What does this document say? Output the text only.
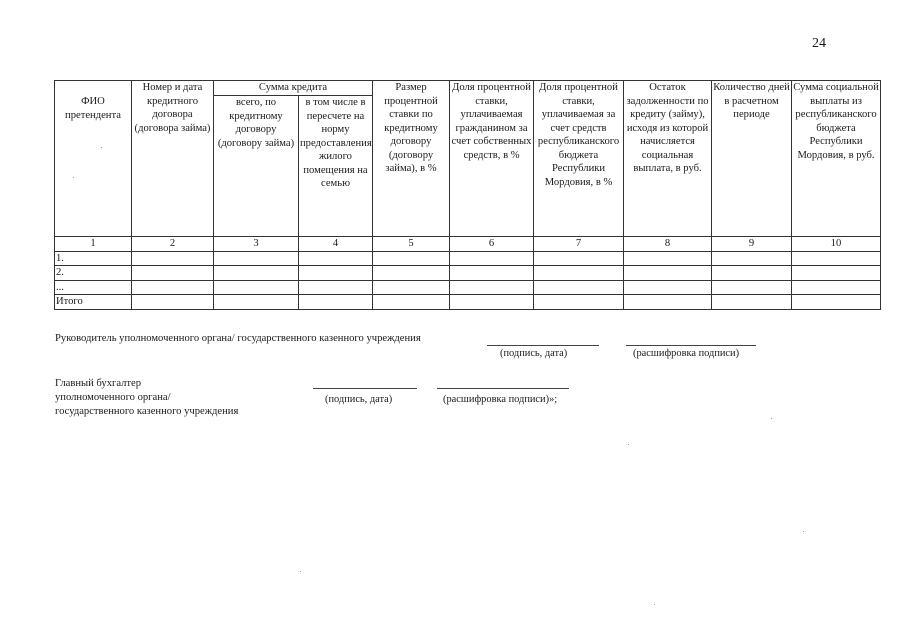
24
ФИО претендента	Номер и дата кредитного договора (договора займа)	Сумма кредита		Размер процентной ставки по кредитному договору (договору займа), в %	Доля процентной ставки, уплачиваемая гражданином за счет собственных средств, в %	Доля процентной ставки, уплачиваемая за счет средств республиканского бюджета Республики Мордовия, в %	Остаток задолженности по кредиту (займу), исходя из которой начисляется социальная выплата, в руб.	Количество дней в расчетном периоде	Сумма социальной выплаты из республиканского бюджета Республики Мордовия, в руб.
		всего, по кредитному договору (договору займа)	в том числе в пересчете на норму предоставления жилого помещения на семью						
1	2	3	4	5	6	7	8	9	10
1.									
2.									
...									
Итого									
Руководитель уполномоченного органа/ государственного казенного учреждения
(подпись, дата)	(расшифровка подписи)
Главный бухгалтер
уполномоченного органа/
государственного казенного учреждения
(подпись, дата)	(расшифровка подписи)»;
